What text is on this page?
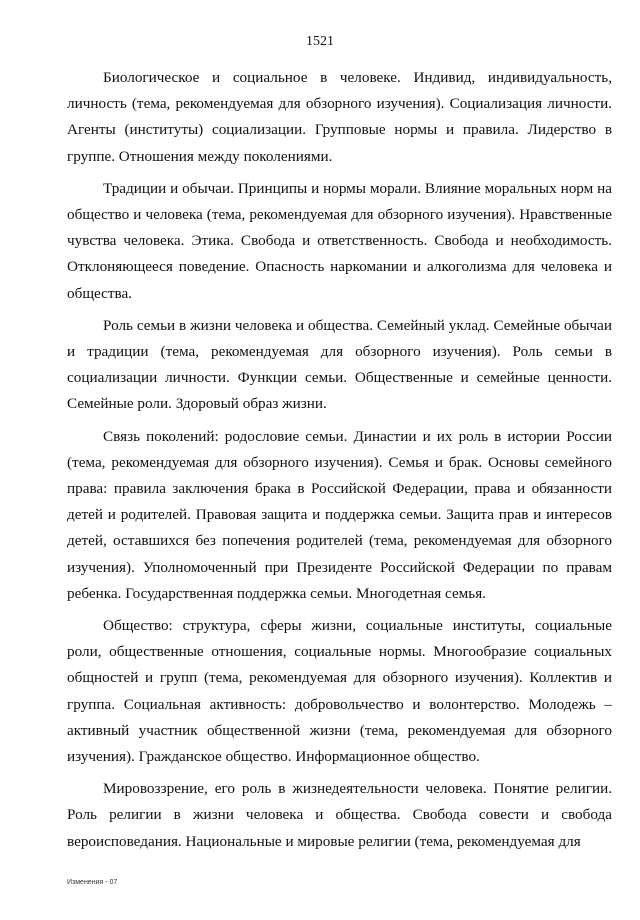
1521

Биологическое и социальное в человеке. Индивид, индивидуальность, личность (тема, рекомендуемая для обзорного изучения). Социализация личности. Агенты (институты) социализации. Групповые нормы и правила. Лидерство в группе. Отношения между поколениями.

Традиции и обычаи. Принципы и нормы морали. Влияние моральных норм на общество и человека (тема, рекомендуемая для обзорного изучения). Нравственные чувства человека. Этика. Свобода и ответственность. Свобода и необходимость. Отклоняющееся поведение. Опасность наркомании и алкоголизма для человека и общества.

Роль семьи в жизни человека и общества. Семейный уклад. Семейные обычаи и традиции (тема, рекомендуемая для обзорного изучения). Роль семьи в социализации личности. Функции семьи. Общественные и семейные ценности. Семейные роли. Здоровый образ жизни.

Связь поколений: родословие семьи. Династии и их роль в истории России (тема, рекомендуемая для обзорного изучения). Семья и брак. Основы семейного права: правила заключения брака в Российской Федерации, права и обязанности детей и родителей. Правовая защита и поддержка семьи. Защита прав и интересов детей, оставшихся без попечения родителей (тема, рекомендуемая для обзорного изучения). Уполномоченный при Президенте Российской Федерации по правам ребенка. Государственная поддержка семьи. Многодетная семья.

Общество: структура, сферы жизни, социальные институты, социальные роли, общественные отношения, социальные нормы. Многообразие социальных общностей и групп (тема, рекомендуемая для обзорного изучения). Коллектив и группа. Социальная активность: добровольчество и волонтерство. Молодежь – активный участник общественной жизни (тема, рекомендуемая для обзорного изучения). Гражданское общество. Информационное общество.

Мировоззрение, его роль в жизнедеятельности человека. Понятие религии. Роль религии в жизни человека и общества. Свобода совести и свобода вероисповедания. Национальные и мировые религии (тема, рекомендуемая для

Изменения - 07
